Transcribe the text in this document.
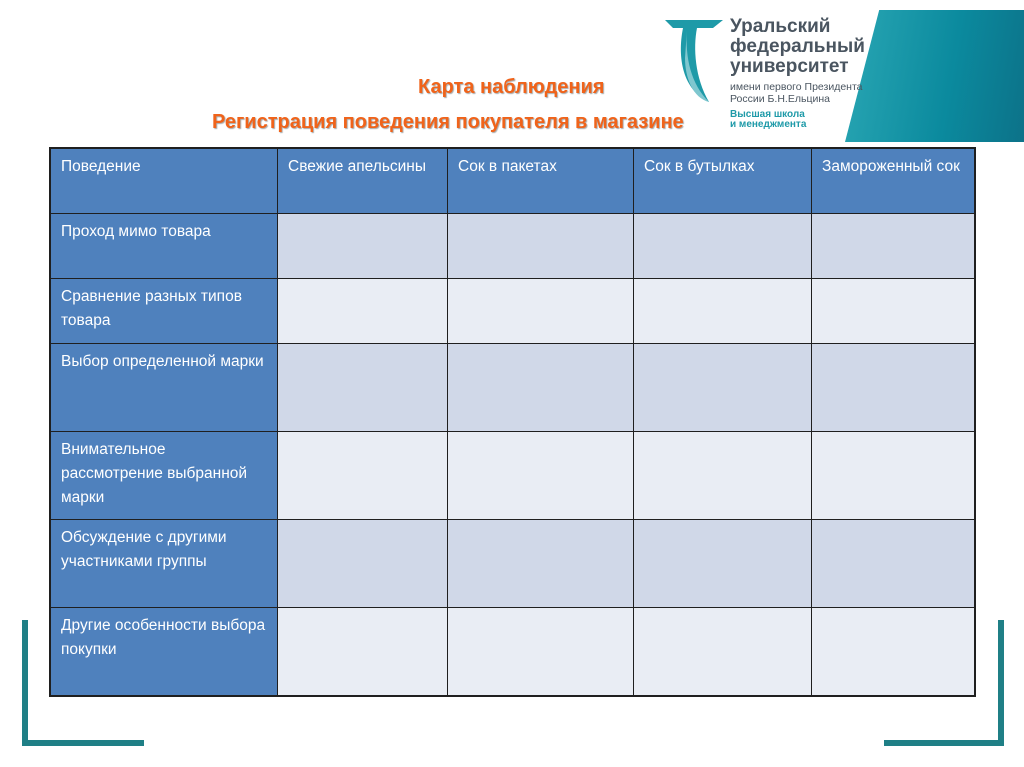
Уральский
федеральный
университет
имени первого Президента
России Б.Н.Ельцина
Высшая школа
и менеджмента
Карта наблюдения
Регистрация поведения покупателя в магазине
Поведение	Свежие апельсины	Сок в пакетах	Сок в бутылках	Замороженный сок
Проход мимо товара				
Сравнение разных типов товара				
Выбор определенной марки				
Внимательное рассмотрение выбранной марки				
Обсуждение с другими участниками группы				
Другие особенности выбора покупки				
